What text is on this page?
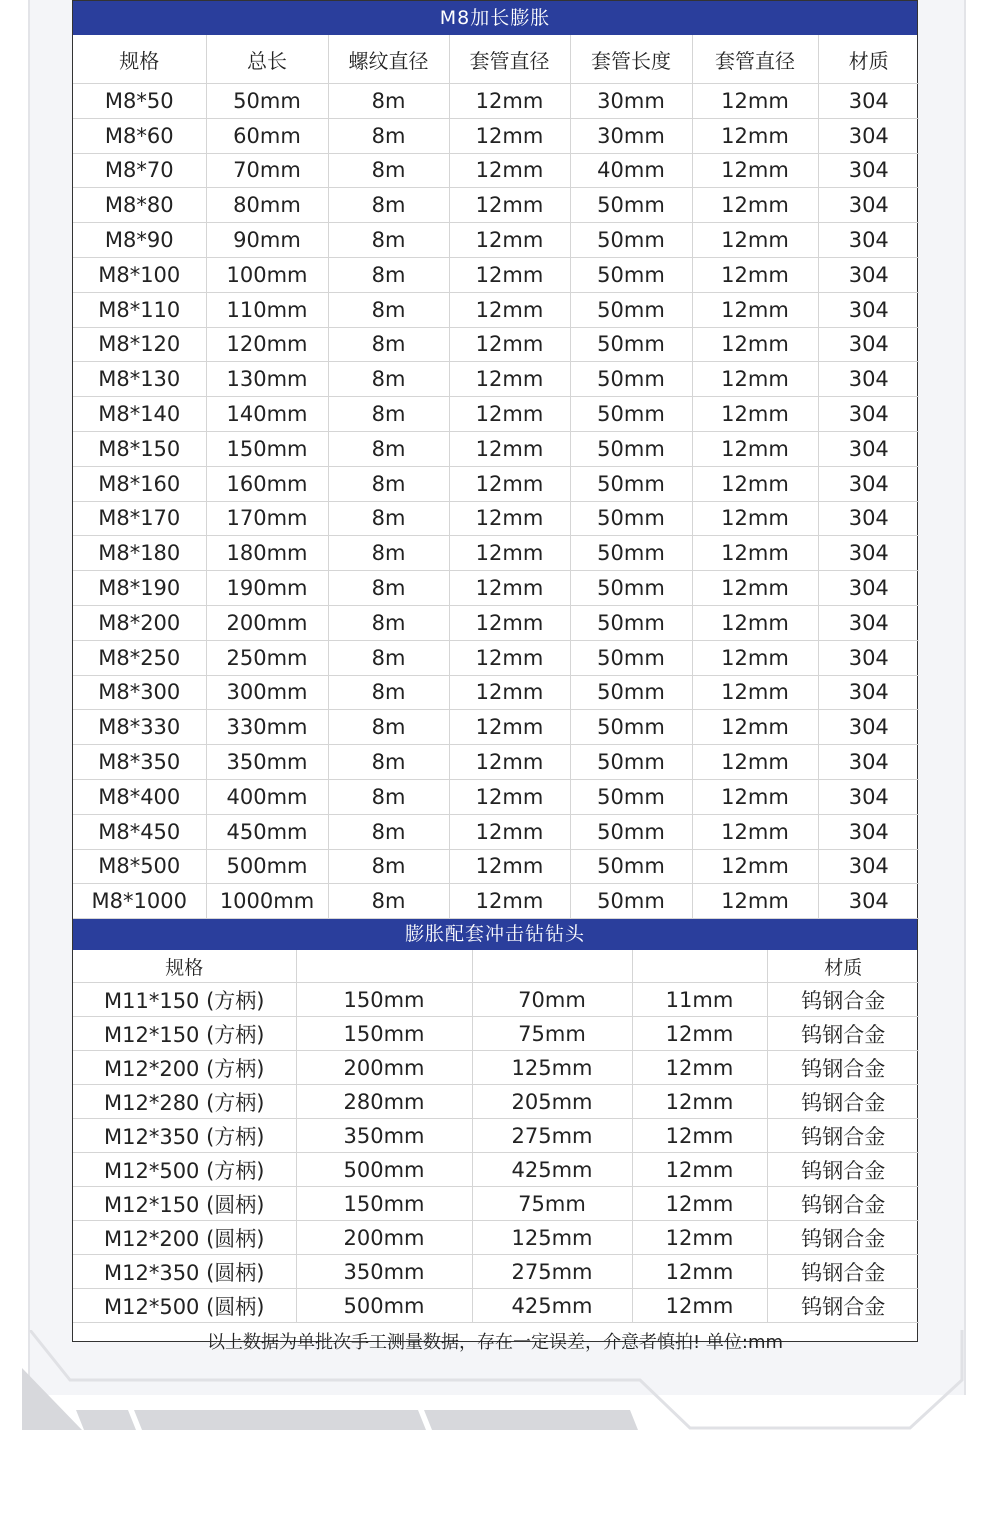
M8加长膨胀
规格	总长	螺纹直径	套管直径	套管长度	套管直径	材质
M8*50	50mm	8m	12mm	30mm	12mm	304
M8*60	60mm	8m	12mm	30mm	12mm	304
M8*70	70mm	8m	12mm	40mm	12mm	304
M8*80	80mm	8m	12mm	50mm	12mm	304
M8*90	90mm	8m	12mm	50mm	12mm	304
M8*100	100mm	8m	12mm	50mm	12mm	304
M8*110	110mm	8m	12mm	50mm	12mm	304
M8*120	120mm	8m	12mm	50mm	12mm	304
M8*130	130mm	8m	12mm	50mm	12mm	304
M8*140	140mm	8m	12mm	50mm	12mm	304
M8*150	150mm	8m	12mm	50mm	12mm	304
M8*160	160mm	8m	12mm	50mm	12mm	304
M8*170	170mm	8m	12mm	50mm	12mm	304
M8*180	180mm	8m	12mm	50mm	12mm	304
M8*190	190mm	8m	12mm	50mm	12mm	304
M8*200	200mm	8m	12mm	50mm	12mm	304
M8*250	250mm	8m	12mm	50mm	12mm	304
M8*300	300mm	8m	12mm	50mm	12mm	304
M8*330	330mm	8m	12mm	50mm	12mm	304
M8*350	350mm	8m	12mm	50mm	12mm	304
M8*400	400mm	8m	12mm	50mm	12mm	304
M8*450	450mm	8m	12mm	50mm	12mm	304
M8*500	500mm	8m	12mm	50mm	12mm	304
M8*1000	1000mm	8m	12mm	50mm	12mm	304
膨胀配套冲击钻钻头
规格				材质
M11*150 (方柄)	150mm	70mm	11mm	钨钢合金
M12*150 (方柄)	150mm	75mm	12mm	钨钢合金
M12*200 (方柄)	200mm	125mm	12mm	钨钢合金
M12*280 (方柄)	280mm	205mm	12mm	钨钢合金
M12*350 (方柄)	350mm	275mm	12mm	钨钢合金
M12*500 (方柄)	500mm	425mm	12mm	钨钢合金
M12*150 (圆柄)	150mm	75mm	12mm	钨钢合金
M12*200 (圆柄)	200mm	125mm	12mm	钨钢合金
M12*350 (圆柄)	350mm	275mm	12mm	钨钢合金
M12*500 (圆柄)	500mm	425mm	12mm	钨钢合金
以上数据为单批次手工测量数据，存在一定误差，介意者慎拍! 单位:mm
